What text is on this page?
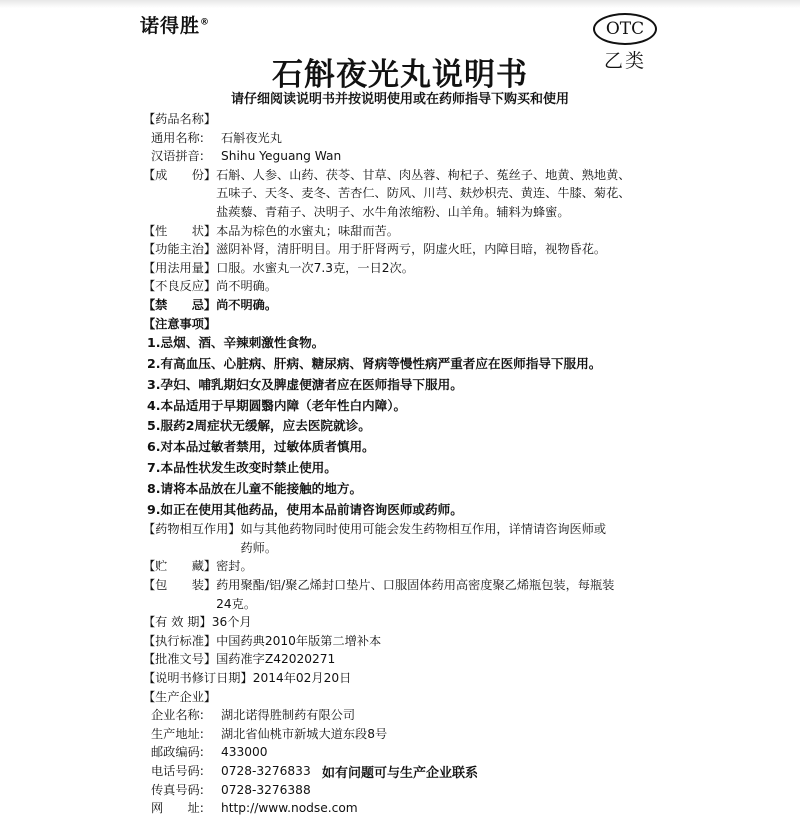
诺得胜®	OTC
乙类
石斛夜光丸说明书
请仔细阅读说明书并按说明使用或在药师指导下购买和使用
【药品名称】
通用名称:	石斛夜光丸
汉语拼音:	Shihu Yeguang Wan
【成　　份】 石斛、人参、山药、茯苓、甘草、肉丛蓉、枸杞子、菟丝子、地黄、熟地黄、
五味子、天冬、麦冬、苦杏仁、防风、川芎、麸炒枳壳、黄连、牛膝、菊花、
盐蒺藜、青葙子、决明子、水牛角浓缩粉、山羊角。辅料为蜂蜜。
【性　　状】 本品为棕色的水蜜丸；味甜而苦。
【功能主治】 滋阴补肾，清肝明目。用于肝肾两亏，阴虚火旺，内障目暗，视物昏花。
【用法用量】 口服。水蜜丸一次7.3克，一日2次。
【不良反应】 尚不明确。
【禁　　忌】 尚不明确。
【注意事项】
1.忌烟、酒、辛辣刺激性食物。
2.有高血压、心脏病、肝病、糖尿病、肾病等慢性病严重者应在医师指导下服用。
3.孕妇、哺乳期妇女及脾虚便溏者应在医师指导下服用。
4.本品适用于早期圆翳内障（老年性白内障）。
5.服药2周症状无缓解，应去医院就诊。
6.对本品过敏者禁用，过敏体质者慎用。
7.本品性状发生改变时禁止使用。
8.请将本品放在儿童不能接触的地方。
9.如正在使用其他药品，使用本品前请咨询医师或药师。
【药物相互作用】 如与其他药物同时使用可能会发生药物相互作用，详情请咨询医师或
药师。
【贮　　藏】 密封。
【包　　装】 药用聚酯/铝/聚乙烯封口垫片、口服固体药用高密度聚乙烯瓶包装，每瓶装
24克。
【有 效 期】 36个月
【执行标准】 中国药典2010年版第二增补本
【批准文号】 国药准字Z42020271
【说明书修订日期】 2014年02月20日
【生产企业】
企业名称:	湖北诺得胜制药有限公司
生产地址:	湖北省仙桃市新城大道东段8号
邮政编码:	433000
电话号码:	0728-3276833
传真号码:	0728-3276388
网　　址:	http://www.nodse.com
如有问题可与生产企业联系
